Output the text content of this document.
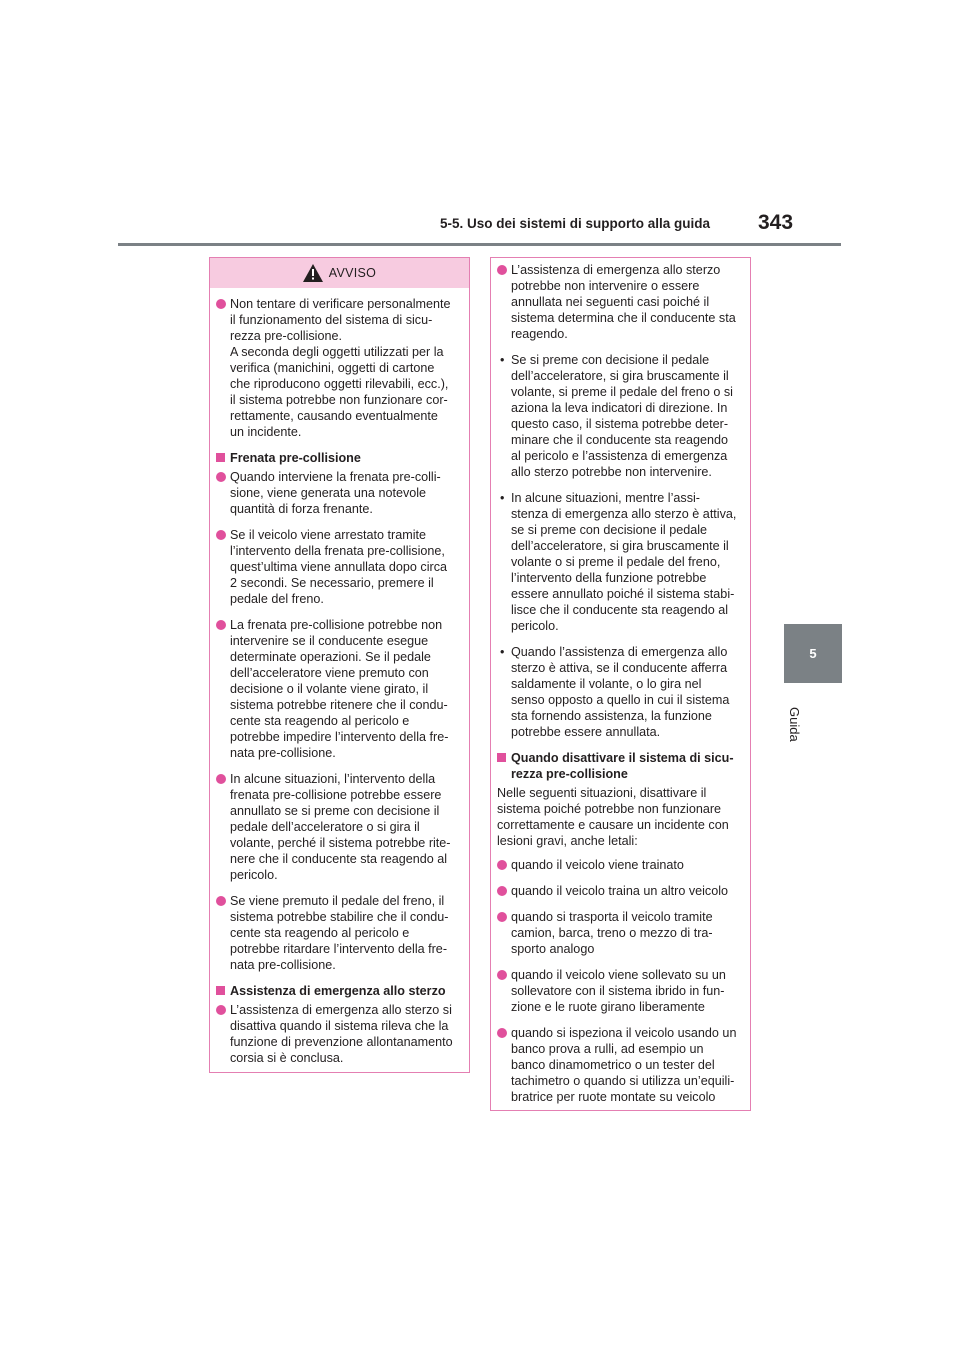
5-5. Uso dei sistemi di supporto alla guida 343
5
Guida
AVVISO
Non tentare di verificare personalmente
il funzionamento del sistema di sicu-
rezza pre-collisione.
A seconda degli oggetti utilizzati per la
verifica (manichini, oggetti di cartone
che riproducono oggetti rilevabili, ecc.),
il sistema potrebbe non funzionare cor-
rettamente, causando eventualmente
un incidente.
Frenata pre-collisione
Quando interviene la frenata pre-colli-
sione, viene generata una notevole
quantità di forza frenante.
Se il veicolo viene arrestato tramite
l’intervento della frenata pre-collisione,
quest’ultima viene annullata dopo circa
2 secondi. Se necessario, premere il
pedale del freno.
La frenata pre-collisione potrebbe non
intervenire se il conducente esegue
determinate operazioni. Se il pedale
dell’acceleratore viene premuto con
decisione o il volante viene girato, il
sistema potrebbe ritenere che il condu-
cente sta reagendo al pericolo e
potrebbe impedire l’intervento della fre-
nata pre-collisione.
In alcune situazioni, l’intervento della
frenata pre-collisione potrebbe essere
annullato se si preme con decisione il
pedale dell’acceleratore o si gira il
volante, perché il sistema potrebbe rite-
nere che il conducente sta reagendo al
pericolo.
Se viene premuto il pedale del freno, il
sistema potrebbe stabilire che il condu-
cente sta reagendo al pericolo e
potrebbe ritardare l’intervento della fre-
nata pre-collisione.
Assistenza di emergenza allo sterzo
L’assistenza di emergenza allo sterzo si
disattiva quando il sistema rileva che la
funzione di prevenzione allontanamento
corsia si è conclusa.
L’assistenza di emergenza allo sterzo
potrebbe non intervenire o essere
annullata nei seguenti casi poiché il
sistema determina che il conducente sta
reagendo.
• Se si preme con decisione il pedale
dell’acceleratore, si gira bruscamente il
volante, si preme il pedale del freno o si
aziona la leva indicatori di direzione. In
questo caso, il sistema potrebbe deter-
minare che il conducente sta reagendo
al pericolo e l’assistenza di emergenza
allo sterzo potrebbe non intervenire.
• In alcune situazioni, mentre l’assi-
stenza di emergenza allo sterzo è attiva,
se si preme con decisione il pedale
dell’acceleratore, si gira bruscamente il
volante o si preme il pedale del freno,
l’intervento della funzione potrebbe
essere annullato poiché il sistema stabi-
lisce che il conducente sta reagendo al
pericolo.
• Quando l’assistenza di emergenza allo
sterzo è attiva, se il conducente afferra
saldamente il volante, o lo gira nel
senso opposto a quello in cui il sistema
sta fornendo assistenza, la funzione
potrebbe essere annullata.
Quando disattivare il sistema di sicu-
rezza pre-collisione
Nelle seguenti situazioni, disattivare il
sistema poiché potrebbe non funzionare
correttamente e causare un incidente con
lesioni gravi, anche letali:
quando il veicolo viene trainato
quando il veicolo traina un altro veicolo
quando si trasporta il veicolo tramite
camion, barca, treno o mezzo di tra-
sporto analogo
quando il veicolo viene sollevato su un
sollevatore con il sistema ibrido in fun-
zione e le ruote girano liberamente
quando si ispeziona il veicolo usando un
banco prova a rulli, ad esempio un
banco dinamometrico o un tester del
tachimetro o quando si utilizza un’equili-
bratrice per ruote montate su veicolo
